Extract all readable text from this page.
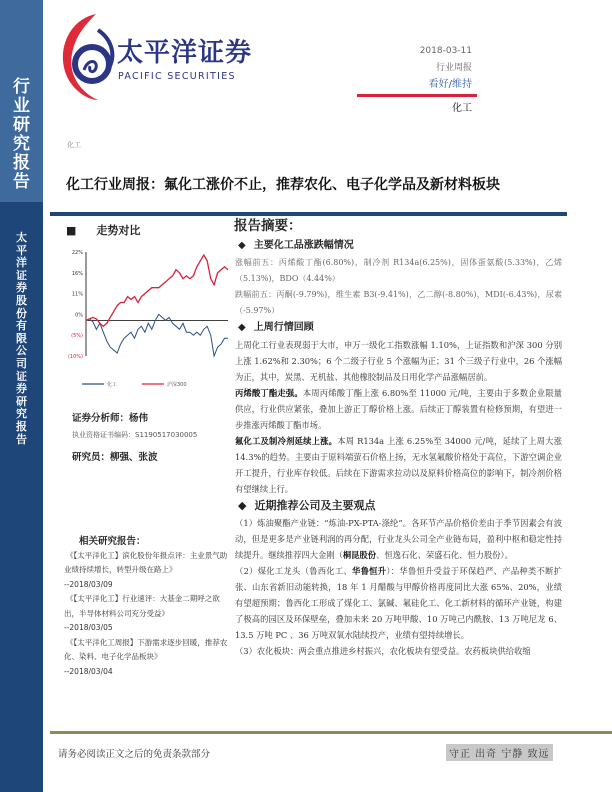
行
业
研
究
报
告
太
平
洋
证
券
股
份
有
限
公
司
证
券
研
究
报
告
太平洋证券
PACIFIC SECURITIES
2018-03-11
行业周报
看好/维持
化工
化工
化工行业周报：氟化工涨价不止，推荐农化、电子化学品及新材料板块
■ 走势对比
22%
16%
11%
0%
(5%)
(10%)
化工	沪深300
证券分析师：杨伟
执业资格证书编码：S1190517030005
研究员：柳强、张波
相关研究报告：
《【太平洋化工】滨化股份年报点评：主业景气助业绩持续增长，转型升级在路上》
--2018/03/09
《【太平洋化工】行业速评：大基金二期呼之欲出，半导体材料公司充分受益》
--2018/03/05
《【太平洋化工周报】下游需求逐步回暖，推荐农化、染料、电子化学品板块》
--2018/03/04
报告摘要：
◆ 主要化工品涨跌幅情况

涨幅前五：丙烯酸丁酯(6.80%)，制冷剂 R134a(6.25%)，固体蛋氨酸(5.33%)，乙烯（5.13%)，BDO（4.44%）

跌幅前五：丙酮(-9.79%)，维生素 B3(-9.41%)，乙二醇(-8.80%)，MDI(-6.43%)，尿素（-5.97%）

◆ 上周行情回顾

上周化工行业表现弱于大市，申万一级化工指数涨幅 1.10%，上证指数和沪深 300 分别上涨 1.62%和 2.30%；6 个二级子行业 5 个涨幅为正；31 个三级子行业中，26 个涨幅为正，其中，炭黑、无机盐、其他橡胶制品及日用化学产品涨幅居前。

丙烯酸丁酯走强。本周丙烯酸丁酯上涨 6.80%至 11000 元/吨，主要由于多数企业限量供应，行业供应紧张，叠加上游正丁醇价格上涨。后续正丁醇装置有检修预期，有望进一步推涨丙烯酸丁酯市场。

氟化工及制冷剂延续上涨。本周 R134a 上涨 6.25%至 34000 元/吨，延续了上周大涨 14.3%的趋势。主要由于原料端萤石价格上扬，无水氢氟酸价格处于高位，下游空调企业开工提升，行业库存较低。后续在下游需求拉动以及原料价格高位的影响下，制冷剂价格有望继续上行。

◆ 近期推荐公司及主要观点

（1）炼油聚酯产业链：“炼油-PX-PTA-涤纶”。各环节产品价格价差由于季节因素会有波动，但是更多是产业链利润的再分配，行业龙头公司全产业链布局，盈利中枢和稳定性持续提升。继续推荐四大金刚（桐昆股份、恒逸石化、荣盛石化、恒力股份）。

（2）煤化工龙头（鲁西化工、华鲁恒升）：华鲁恒升受益于环保趋严、产品种类不断扩张、山东省新旧动能转换，18 年 1 月醋酸与甲醇价格再度同比大涨 65%、20%，业绩有望超预期；鲁西化工形成了煤化工、氯碱、氟硅化工、化工新材料的循环产业链，构建了极高的园区及环保壁垒，叠加未来 20 万吨甲酸、10 万吨己内酰胺、13 万吨尼龙 6、13.5 万吨 PC 、36 万吨双氧水陆续投产，业绩有望持续增长。

（3）农化板块：两会重点推进乡村振兴，农化板块有望受益。农药板块供给收缩

请务必阅读正文之后的免责条款部分	守正 出奇 宁静 致远
